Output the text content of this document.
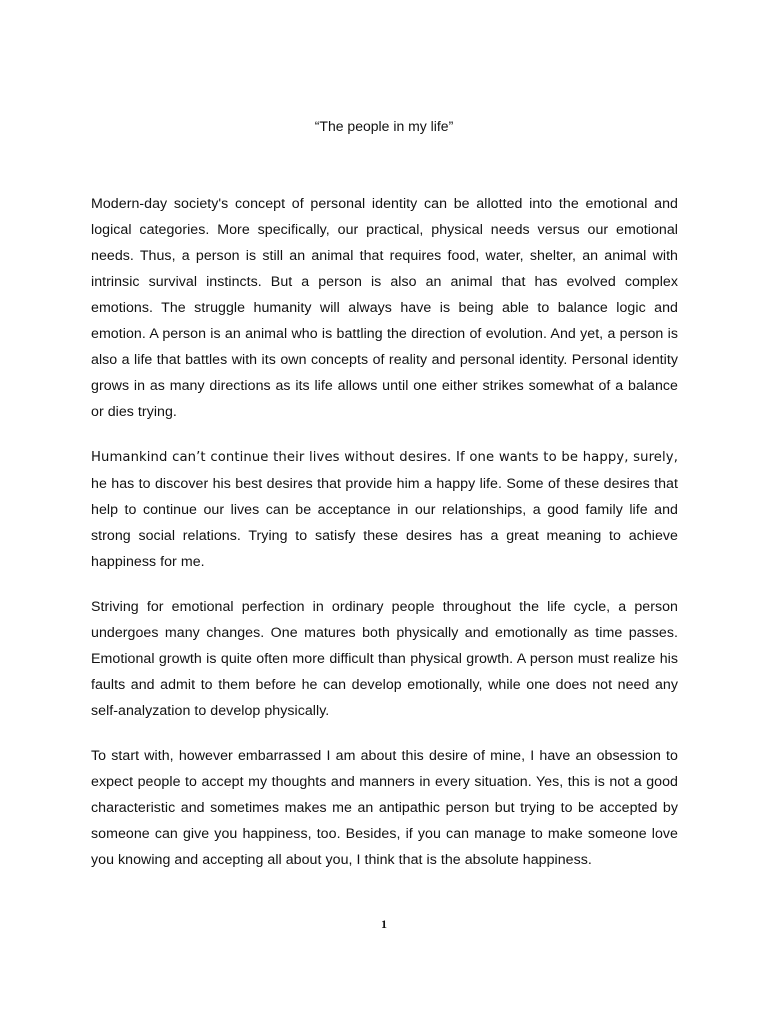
“The people in my life”

Modern-day society's concept of personal identity can be allotted into the emotional and logical categories. More specifically, our practical, physical needs versus our emotional needs. Thus, a person is still an animal that requires food, water, shelter, an animal with intrinsic survival instincts. But a person is also an animal that has evolved complex emotions. The struggle humanity will always have is being able to balance logic and emotion. A person is an animal who is battling the direction of evolution. And yet, a person is also a life that battles with its own concepts of reality and personal identity. Personal identity grows in as many directions as its life allows until one either strikes somewhat of a balance or dies trying.

Humankind can’t continue their lives without desires. If one wants to be happy, surely, he has to discover his best desires that provide him a happy life. Some of these desires that help to continue our lives can be acceptance in our relationships, a good family life and strong social relations. Trying to satisfy these desires has a great meaning to achieve happiness for me.

Striving for emotional perfection in ordinary people throughout the life cycle, a person undergoes many changes. One matures both physically and emotionally as time passes. Emotional growth is quite often more difficult than physical growth. A person must realize his faults and admit to them before he can develop emotionally, while one does not need any self-analyzation to develop physically.

To start with, however embarrassed I am about this desire of mine, I have an obsession to expect people to accept my thoughts and manners in every situation. Yes, this is not a good characteristic and sometimes makes me an antipathic person but trying to be accepted by someone can give you happiness, too. Besides, if you can manage to make someone love you knowing and accepting all about you, I think that is the absolute happiness.

1
